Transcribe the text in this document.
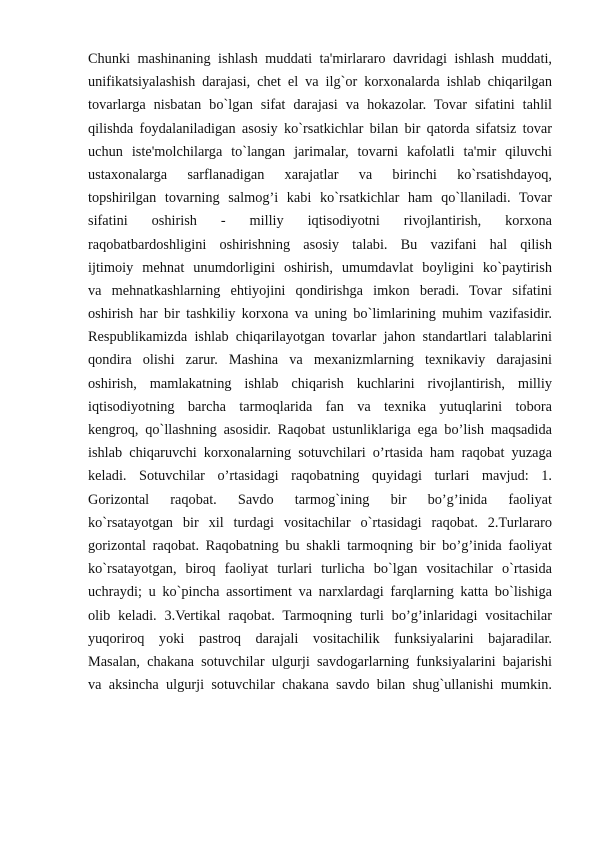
Chunki mashinaning ishlash muddati ta'mirlararo davridagi ishlash muddati,
unifikatsiyalashish darajasi, chet el va ilg`or korxonalarda ishlab chiqarilgan
tovarlarga nisbatan bo`lgan sifat darajasi va hokazolar. Tovar sifatini tahlil
qilishda foydalaniladigan asosiy ko`rsatkichlar bilan bir qatorda sifatsiz tovar
uchun iste'molchilarga to`langan jarimalar, tovarni kafolatli ta'mir qiluvchi
ustaxonalarga sarflanadigan xarajatlar va birinchi ko`rsatishdayoq,
topshirilgan tovarning salmog’i kabi ko`rsatkichlar ham qo`llaniladi. Tovar
sifatini oshirish - milliy iqtisodiyotni rivojlantirish, korxona
raqobatbardoshligini oshirishning asosiy talabi. Bu vazifani hal qilish
ijtimoiy mehnat unumdorligini oshirish, umumdavlat boyligini ko`paytirish
va mehnatkashlarning ehtiyojini qondirishga imkon beradi. Tovar sifatini
oshirish har bir tashkiliy korxona va uning bo`limlarining muhim vazifasidir.
Respublikamizda ishlab chiqarilayotgan tovarlar jahon standartlari talablarini
qondira olishi zarur. Mashina va mexanizmlarning texnikaviy darajasini
oshirish, mamlakatning ishlab chiqarish kuchlarini rivojlantirish, milliy
iqtisodiyotning barcha tarmoqlarida fan va texnika yutuqlarini tobora
kengroq, qo`llashning asosidir. Raqobat ustunliklariga ega bo’lish maqsadida
ishlab chiqaruvchi korxonalarning sotuvchilari o’rtasida ham raqobat yuzaga
keladi. Sotuvchilar o’rtasidagi raqobatning quyidagi turlari mavjud: 1.
Gorizontal raqobat. Savdo tarmog`ining bir bo’g’inida faoliyat
ko`rsatayotgan bir xil turdagi vositachilar o`rtasidagi raqobat. 2.Turlararo
gorizontal raqobat. Raqobatning bu shakli tarmoqning bir bo’g’inida faoliyat
ko`rsatayotgan, biroq faoliyat turlari turlicha bo`lgan vositachilar o`rtasida
uchraydi; u ko`pincha assortiment va narxlardagi farqlarning katta bo`lishiga
olib keladi. 3.Vertikal raqobat. Tarmoqning turli bo’g’inlaridagi vositachilar
yuqoriroq yoki pastroq darajali vositachilik funksiyalarini bajaradilar.
Masalan, chakana sotuvchilar ulgurji savdogarlarning funksiyalarini bajarishi
va aksincha ulgurji sotuvchilar chakana savdo bilan shug`ullanishi mumkin.
